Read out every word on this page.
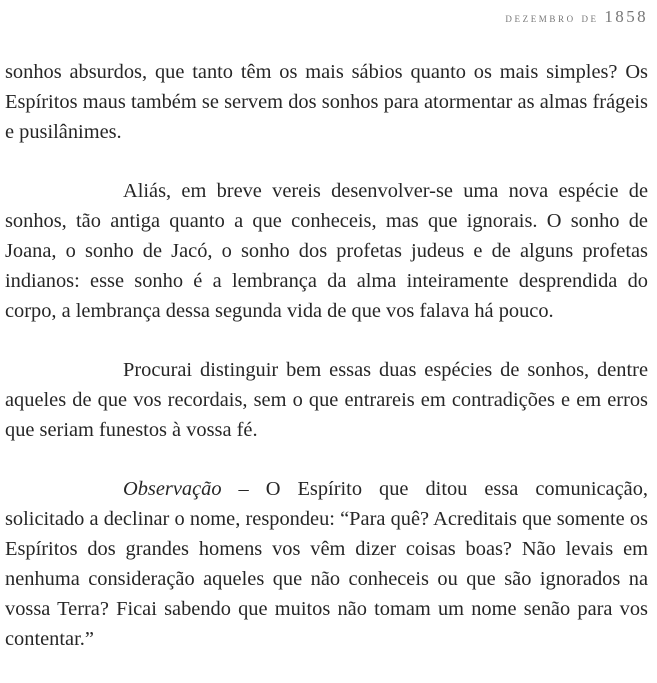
dezembro de 1858

sonhos absurdos, que tanto têm os mais sábios quanto os mais simples? Os Espíritos maus também se servem dos sonhos para atormentar as almas frágeis e pusilânimes.

Aliás, em breve vereis desenvolver-se uma nova espécie de sonhos, tão antiga quanto a que conheceis, mas que ignorais. O sonho de Joana, o sonho de Jacó, o sonho dos profetas judeus e de alguns profetas indianos: esse sonho é a lembrança da alma inteiramente desprendida do corpo, a lembrança dessa segunda vida de que vos falava há pouco.

Procurai distinguir bem essas duas espécies de sonhos, dentre aqueles de que vos recordais, sem o que entrareis em contradições e em erros que seriam funestos à vossa fé.

Observação – O Espírito que ditou essa comunicação, solicitado a declinar o nome, respondeu: “Para quê? Acreditais que somente os Espíritos dos grandes homens vos vêm dizer coisas boas? Não levais em nenhuma consideração aqueles que não conheceis ou que são ignorados na vossa Terra? Ficai sabendo que muitos não tomam um nome senão para vos contentar.”
